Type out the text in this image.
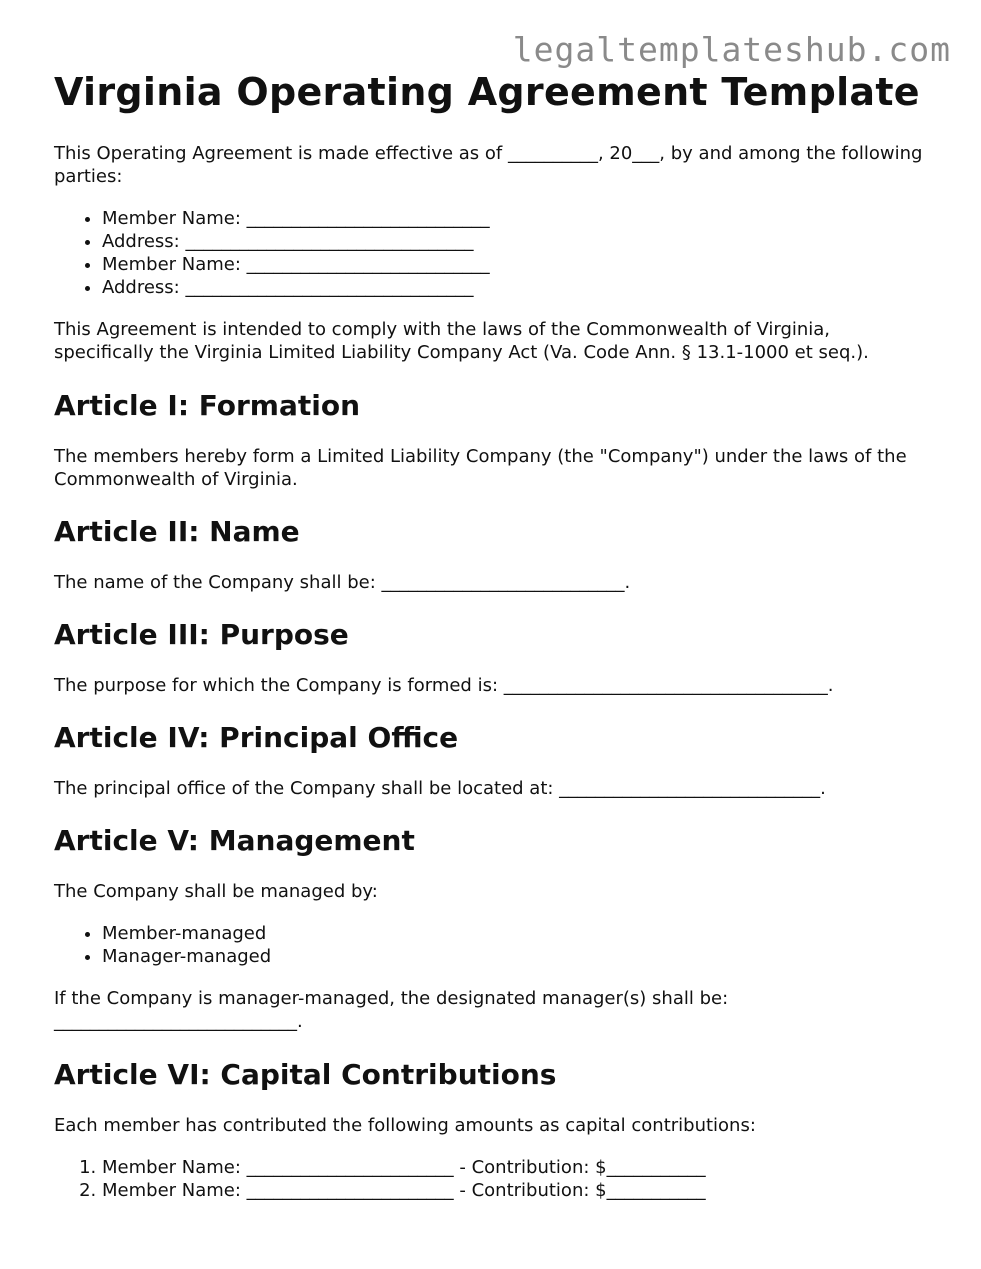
legaltemplateshub.com
Virginia Operating Agreement Template

This Operating Agreement is made effective as of __________, 20___, by and among the following parties:

• Member Name: ___________________________
• Address: ________________________________
• Member Name: ___________________________
• Address: ________________________________

This Agreement is intended to comply with the laws of the Commonwealth of Virginia, specifically the Virginia Limited Liability Company Act (Va. Code Ann. § 13.1-1000 et seq.).

Article I: Formation

The members hereby form a Limited Liability Company (the "Company") under the laws of the Commonwealth of Virginia.

Article II: Name

The name of the Company shall be: ___________________________.

Article III: Purpose

The purpose for which the Company is formed is: ____________________________________.

Article IV: Principal Office

The principal office of the Company shall be located at: _____________________________.

Article V: Management

The Company shall be managed by:

• Member-managed
• Manager-managed

If the Company is manager-managed, the designated manager(s) shall be: ___________________________.

Article VI: Capital Contributions

Each member has contributed the following amounts as capital contributions:

1. Member Name: _______________________ - Contribution: $___________
2. Member Name: _______________________ - Contribution: $___________
